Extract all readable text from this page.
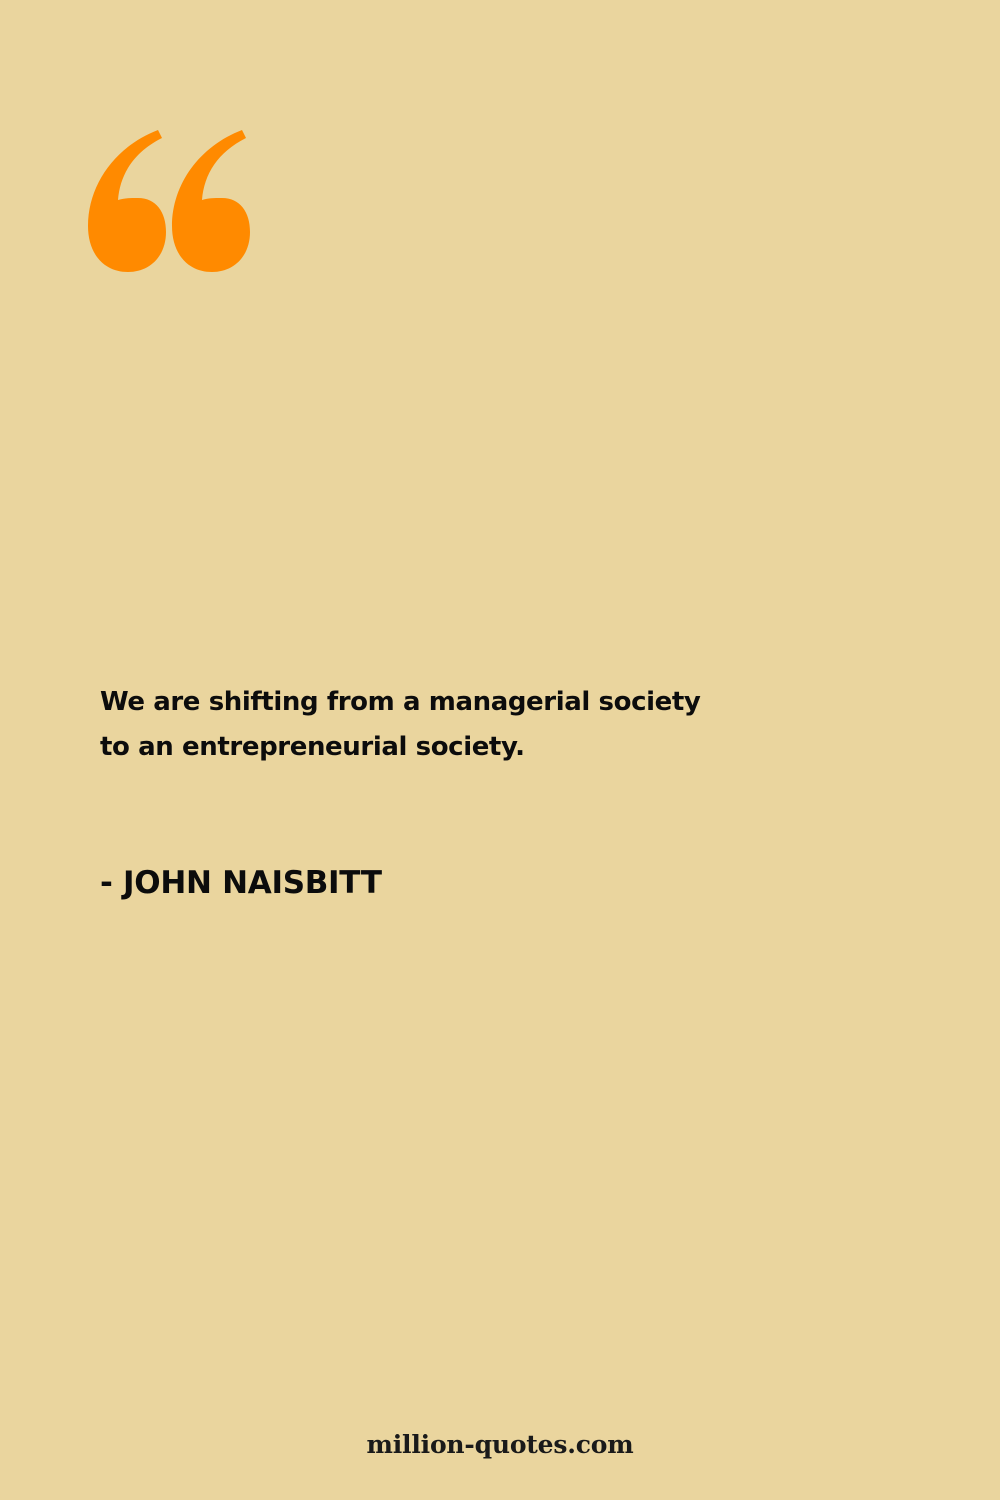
We are shifting from a managerial society
to an entrepreneurial society.

- JOHN NAISBITT

million-quotes.com
